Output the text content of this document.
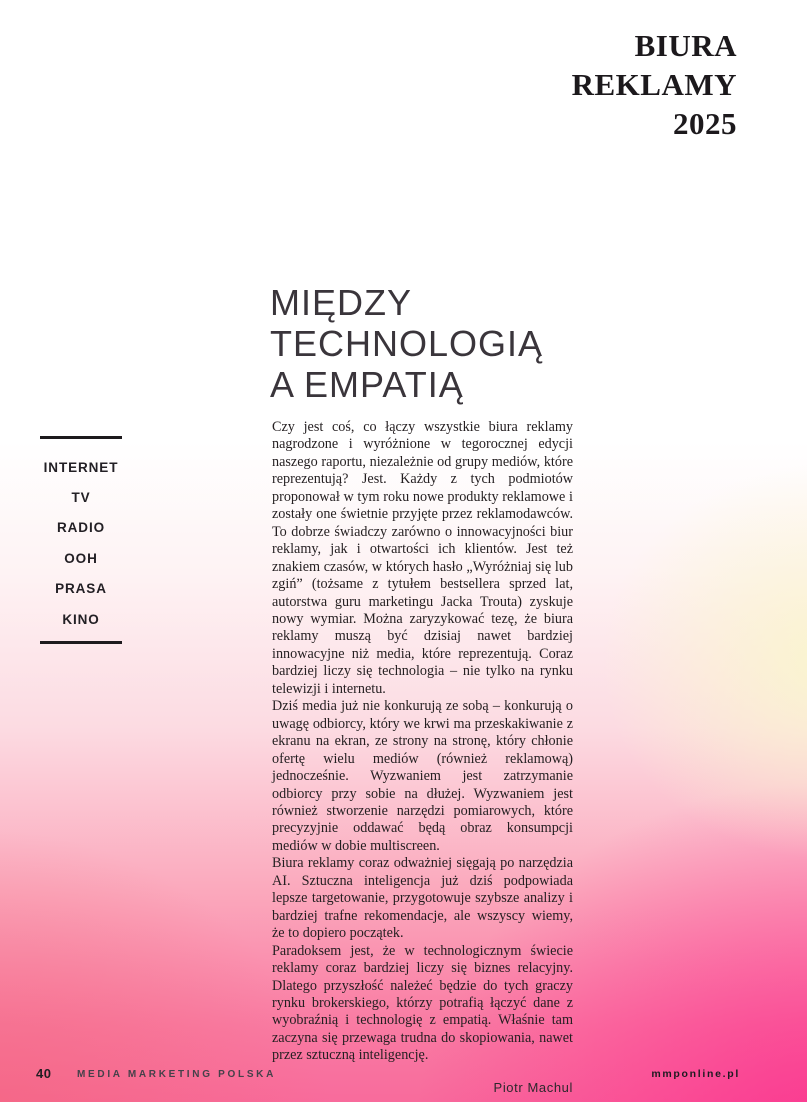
BIURA
REKLAMY
2025
INTERNET
TV
RADIO
OOH
PRASA
KINO
MIĘDZY
TECHNOLOGIĄ
A EMPATIĄ

Czy jest coś, co łączy wszystkie biura reklamy nagrodzone i wyróżnione w tegorocznej edycji naszego raportu, niezależnie od grupy mediów, które reprezentują? Jest. Każdy z tych podmiotów proponował w tym roku nowe produkty reklamowe i zostały one świetnie przyjęte przez reklamodawców. To dobrze świadczy zarówno o innowacyjności biur reklamy, jak i otwartości ich klientów. Jest też znakiem czasów, w których hasło „Wyróżniaj się lub zgiń” (tożsame z tytułem bestsellera sprzed lat, autorstwa guru marketingu Jacka Trouta) zyskuje nowy wymiar. Można zaryzykować tezę, że biura reklamy muszą być dzisiaj nawet bardziej innowacyjne niż media, które reprezentują. Coraz bardziej liczy się technologia – nie tylko na rynku telewizji i internetu.

Dziś media już nie konkurują ze sobą – konkurują o uwagę odbiorcy, który we krwi ma przeskakiwanie z ekranu na ekran, ze strony na stronę, który chłonie ofertę wielu mediów (również reklamową) jednocześnie. Wyzwaniem jest zatrzymanie odbiorcy przy sobie na dłużej. Wyzwaniem jest również stworzenie narzędzi pomiarowych, które precyzyjnie oddawać będą obraz konsumpcji mediów w dobie multiscreen.

Biura reklamy coraz odważniej sięgają po narzędzia AI. Sztuczna inteligencja już dziś podpowiada lepsze targetowanie, przygotowuje szybsze analizy i bardziej trafne rekomendacje, ale wszyscy wiemy, że to dopiero początek.

Paradoksem jest, że w technologicznym świecie reklamy coraz bardziej liczy się biznes relacyjny. Dlatego przyszłość należeć będzie do tych graczy rynku brokerskiego, którzy potrafią łączyć dane z wyobraźnią i technologię z empatią. Właśnie tam zaczyna się przewaga trudna do skopiowania, nawet przez sztuczną inteligencję.

Piotr Machul
40	MEDIA MARKETING POLSKA	mmponline.pl
